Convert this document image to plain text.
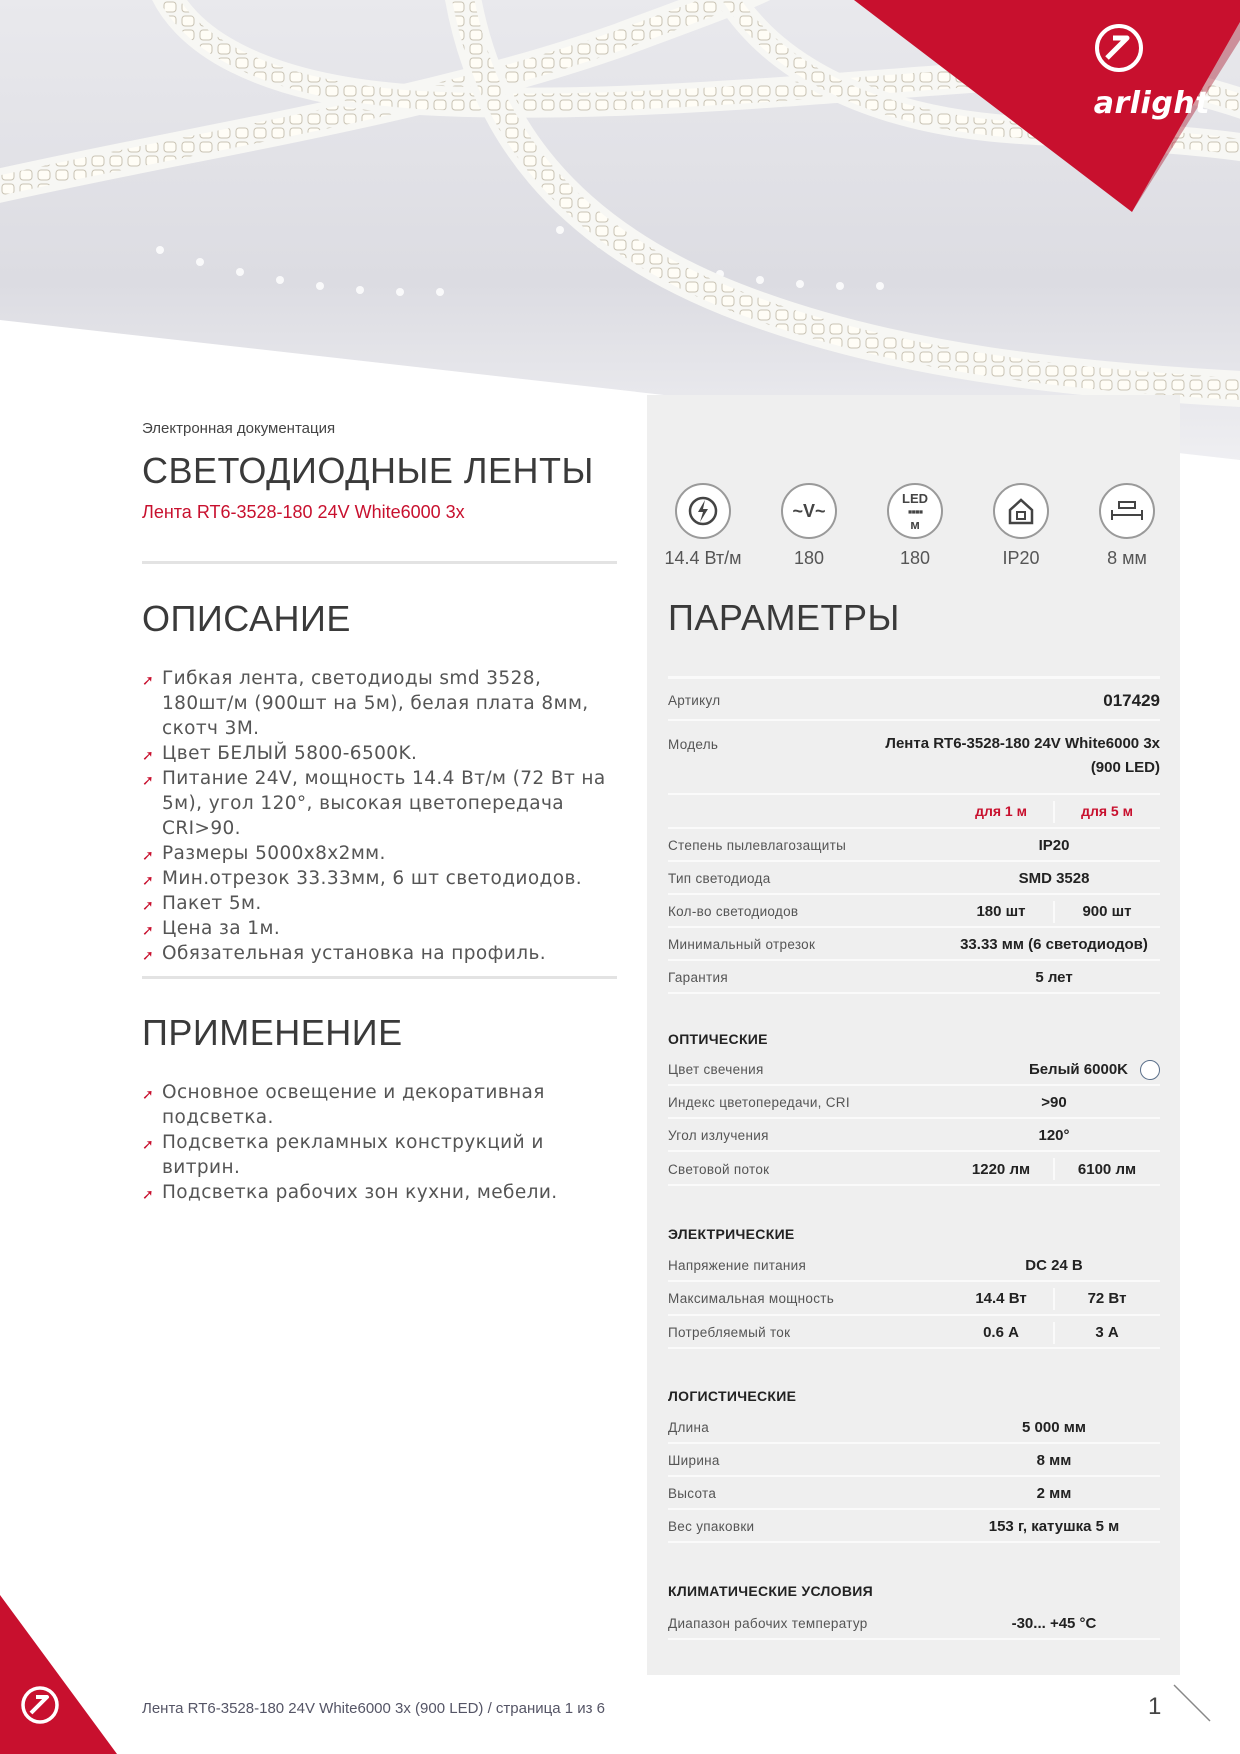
arlight
Электронная документация
СВЕТОДИОДНЫЕ ЛЕНТЫ
Лента RT6-3528-180 24V White6000 3x
ОПИСАНИЕ
➚ Гибкая лента, светодиоды smd 3528, 180шт/м (900шт на 5м), белая плата 8мм, скотч 3M.
➚ Цвет БЕЛЫЙ 5800-6500K.
➚ Питание 24V, мощность 14.4 Вт/м (72 Вт на 5м), угол 120°, высокая цветопередача CRI>90.
➚ Размеры 5000x8x2мм.
➚ Мин.отрезок 33.33мм, 6 шт светодиодов.
➚ Пакет 5м.
➚ Цена за 1м.
➚ Обязательная установка на профиль.
ПРИМЕНЕНИЕ
➚ Основное освещение и декоративная подсветка.
➚ Подсветка рекламных конструкций и витрин.
➚ Подсветка рабочих зон кухни, мебели.
14.4 Вт/м
~V~
180
LED
▪▪▪▪
м
180	IP20	8 мм
ПАРАМЕТРЫ
Артикул	017429
Модель	Лента RT6-3528-180 24V White6000 3x
(900 LED)
для 1 м	для 5 м
Степень пылевлагозащиты	IP20
Тип светодиода	SMD 3528
Кол-во светодиодов	180 шт	900 шт
Минимальный отрезок	33.33 мм (6 светодиодов)
Гарантия	5 лет
ОПТИЧЕСКИЕ
Цвет свечения	Белый 6000K
Индекс цветопередачи, CRI	>90
Угол излучения	120°
Световой поток	1220 лм	6100 лм
ЭЛЕКТРИЧЕСКИЕ
Напряжение питания	DC 24 В
Максимальная мощность	14.4 Вт	72 Вт
Потребляемый ток	0.6 А	3 А
ЛОГИСТИЧЕСКИЕ
Длина	5 000 мм
Ширина	8 мм
Высота	2 мм
Вес упаковки	153 г, катушка 5 м
КЛИМАТИЧЕСКИЕ УСЛОВИЯ
Диапазон рабочих температур	-30... +45 °C
Лента RT6-3528-180 24V White6000 3x (900 LED) / страница 1 из 6	1
